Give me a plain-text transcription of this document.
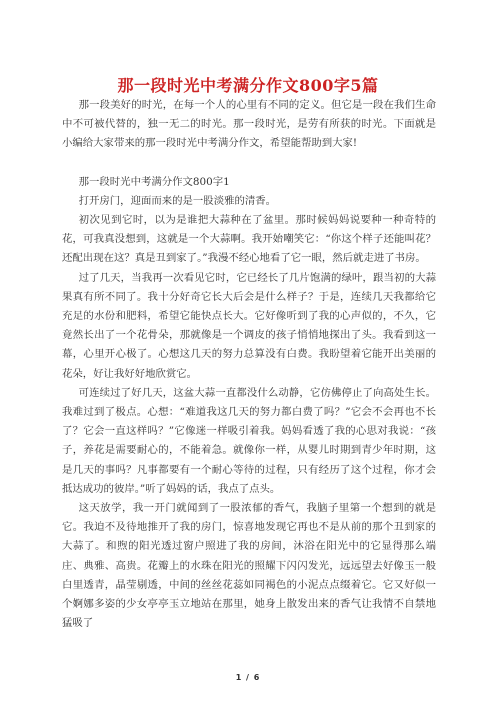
那一段时光中考满分作文800字5篇

那一段美好的时光，在每一个人的心里有不同的定义。但它是一段在我们生命中不可被代替的，独一无二的时光。那一段时光，是劳有所获的时光。下面就是小编给大家带来的那一段时光中考满分作文，希望能帮助到大家!

那一段时光中考满分作文800字1

打开房门，迎面而来的是一股淡雅的清香。

初次见到它时，以为是谁把大蒜种在了盆里。那时候妈妈说要种一种奇特的花，可我真没想到，这就是一个大蒜啊。我开始嘲笑它：“你这个样子还能叫花？还配出现在这？真是丑到家了。”我漫不经心地看了它一眼，然后就走进了书房。

过了几天，当我再一次看见它时，它已经长了几片饱满的绿叶，跟当初的大蒜果真有所不同了。我十分好奇它长大后会是什么样子？于是，连续几天我都给它充足的水份和肥料，希望它能快点长大。它好像听到了我的心声似的，不久，它竟然长出了一个花骨朵，那就像是一个调皮的孩子悄悄地探出了头。我看到这一幕，心里开心极了。心想这几天的努力总算没有白费。我盼望着它能开出美丽的花朵，好让我好好地欣赏它。

可连续过了好几天，这盆大蒜一直都没什么动静，它仿佛停止了向高处生长。我难过到了极点。心想：“难道我这几天的努力都白费了吗？”它会不会再也不长了？它会一直这样吗？”它像迷一样吸引着我。妈妈看透了我的心思对我说：“孩子，养花是需要耐心的，不能着急。就像你一样，从婴儿时期到青少年时期，这是几天的事吗？凡事都要有一个耐心等待的过程，只有经历了这个过程，你才会抵达成功的彼岸。”听了妈妈的话，我点了点头。

这天放学，我一开门就闻到了一股浓郁的香气，我脑子里第一个想到的就是它。我迫不及待地推开了我的房门，惊喜地发现它再也不是从前的那个丑到家的大蒜了。和煦的阳光透过窗户照进了我的房间，沐浴在阳光中的它显得那么端庄、典雅、高贵。花瓣上的水珠在阳光的照耀下闪闪发光，远远望去好像玉一般白里透青，晶莹剔透，中间的丝丝花蕊如同褐色的小泥点点缀着它。它又好似一个婀娜多姿的少女亭亭玉立地站在那里，她身上散发出来的香气让我情不自禁地猛吸了

1 / 6
